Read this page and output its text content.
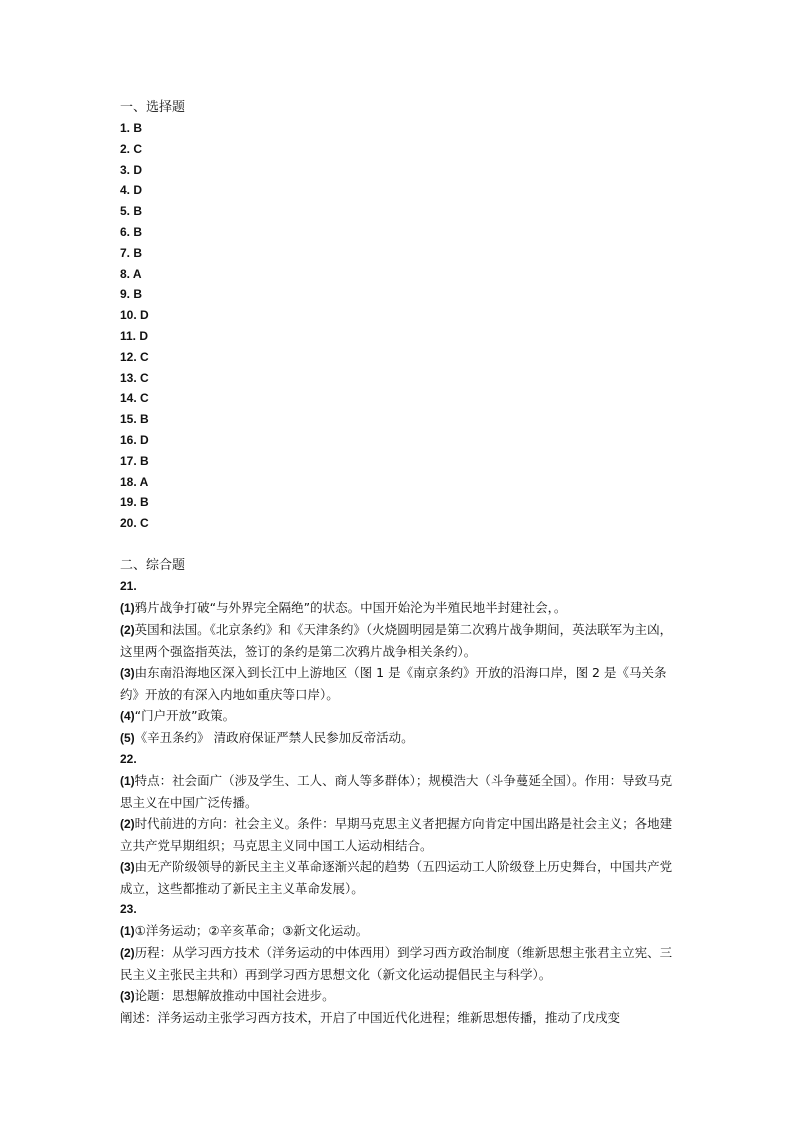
一、选择题
1. B
2. C
3. D
4. D
5. B
6. B
7. B
8. A
9. B
10. D
11. D
12. C
13. C
14. C
15. B
16. D
17. B
18. A
19. B
20. C
二、综合题
21.
(1)鸦片战争打破“与外界完全隔绝”的状态。中国开始沦为半殖民地半封建社会，。
(2)英国和法国。《北京条约》和《天津条约》（火烧圆明园是第二次鸦片战争期间，英法联军为主凶，这里两个强盗指英法，签订的条约是第二次鸦片战争相关条约）。
(3)由东南沿海地区深入到长江中上游地区（图 1 是《南京条约》开放的沿海口岸，图 2 是《马关条约》开放的有深入内地如重庆等口岸）。
(4)“门户开放”政策。
(5)《辛丑条约》 清政府保证严禁人民参加反帝活动。
22.
(1)特点：社会面广（涉及学生、工人、商人等多群体）；规模浩大（斗争蔓延全国）。作用：导致马克思主义在中国广泛传播。
(2)时代前进的方向：社会主义。条件：早期马克思主义者把握方向肯定中国出路是社会主义；各地建立共产党早期组织；马克思主义同中国工人运动相结合。
(3)由无产阶级领导的新民主主义革命逐渐兴起的趋势（五四运动工人阶级登上历史舞台，中国共产党成立，这些都推动了新民主主义革命发展）。
23.
(1)①洋务运动；②辛亥革命；③新文化运动。
(2)历程：从学习西方技术（洋务运动的中体西用）到学习西方政治制度（维新思想主张君主立宪、三民主义主张民主共和）再到学习西方思想文化（新文化运动提倡民主与科学）。
(3)论题：思想解放推动中国社会进步。
阐述：洋务运动主张学习西方技术，开启了中国近代化进程；维新思想传播，推动了戊戌变
